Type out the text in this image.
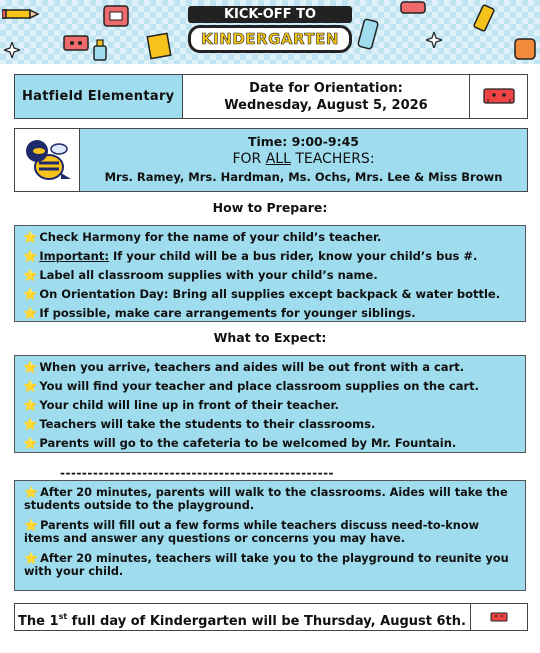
KICK-OFF TO
KINDERGARTEN
Hatfield Elementary
Date for Orientation:
Wednesday, August 5, 2026
Time: 9:00-9:45
FOR ALL TEACHERS:
Mrs. Ramey, Mrs. Hardman, Ms. Ochs, Mrs. Lee & Miss Brown
How to Prepare:
⭐ Check Harmony for the name of your child’s teacher.
⭐ Important: If your child will be a bus rider, know your child’s bus #.
⭐ Label all classroom supplies with your child’s name.
⭐ On Orientation Day: Bring all supplies except backpack & water bottle.
⭐ If possible, make care arrangements for younger siblings.
What to Expect:
⭐ When you arrive, teachers and aides will be out front with a cart.
⭐ You will find your teacher and place classroom supplies on the cart.
⭐ Your child will line up in front of their teacher.
⭐ Teachers will take the students to their classrooms.
⭐ Parents will go to the cafeteria to be welcomed by Mr. Fountain.
--------------------------------------------------
⭐ After 20 minutes, parents will walk to the classrooms. Aides will take the students outside to the playground.
⭐ Parents will fill out a few forms while teachers discuss need-to-know items and answer any questions or concerns you may have.
⭐ After 20 minutes, teachers will take you to the playground to reunite you with your child.
The 1st full day of Kindergarten will be Thursday, August 6th.
